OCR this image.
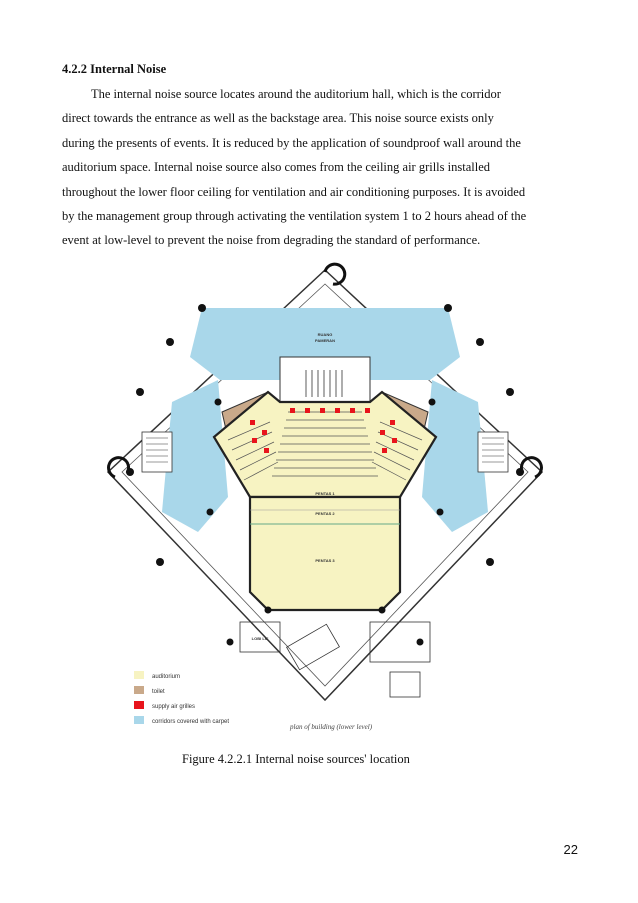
4.2.2 Internal Noise
The internal noise source locates around the auditorium hall, which is the corridor
direct towards the entrance as well as the backstage area. This noise source exists only
during the presents of events. It is reduced by the application of soundproof wall around the
auditorium space. Internal noise source also comes from the ceiling air grills installed
throughout the lower floor ceiling for ventilation and air conditioning purposes. It is avoided
by the management group through activating the ventilation system 1 to 2 hours ahead of the
event at low-level to prevent the noise from degrading the standard of performance.
RUANG
PAMERAN
PENTAS 1
PENTAS 2
PENTAS 3
LOBI LIF
auditorium
toilet
supply air grilles
corridors covered with carpet
plan of building (lower level)
Figure 4.2.2.1 Internal noise sources' location
22
